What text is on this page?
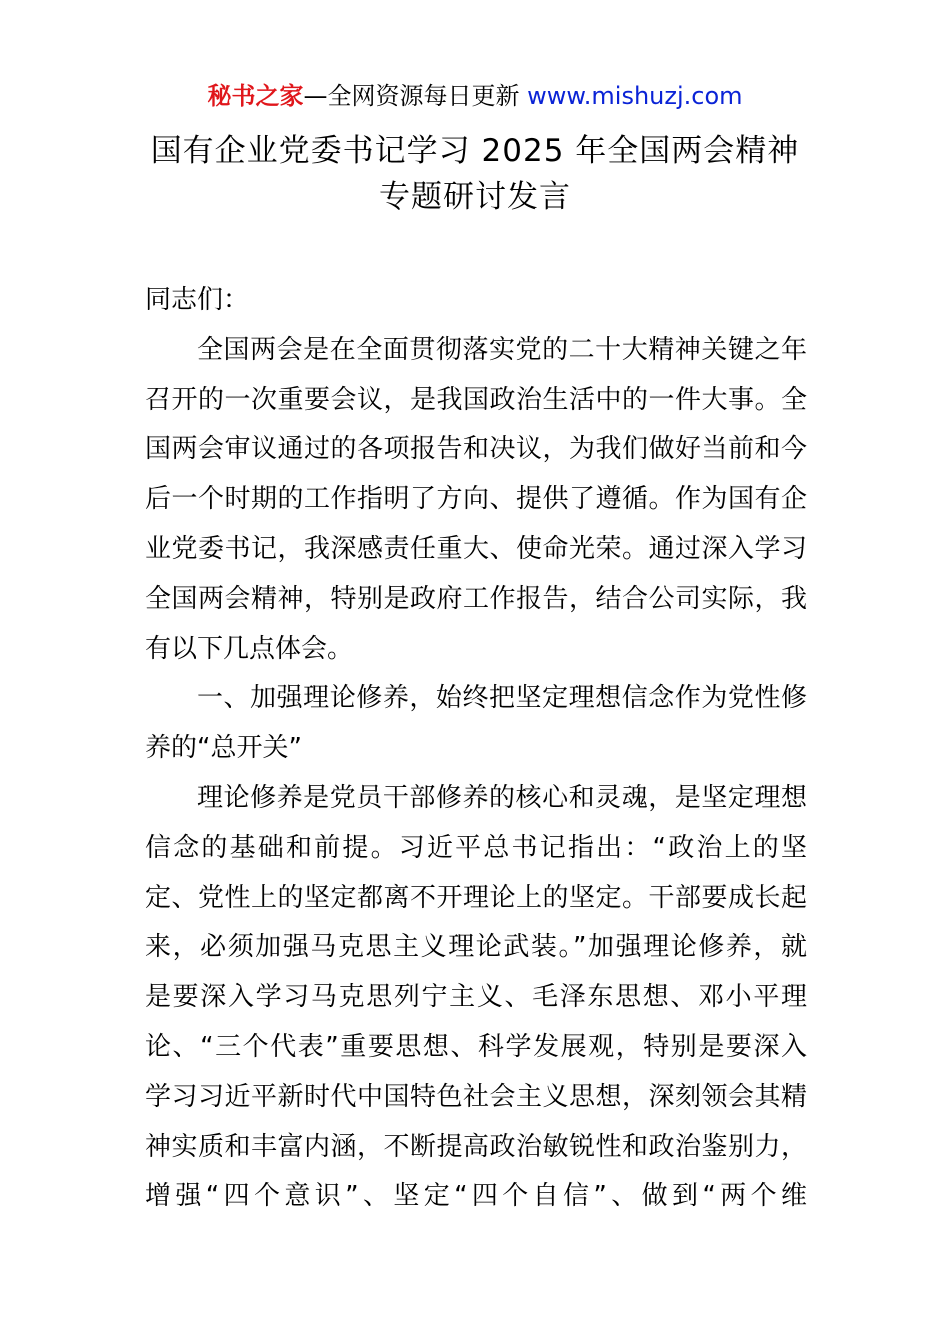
秘书之家—全网资源每日更新 www.mishuzj.com
国有企业党委书记学习 2025 年全国两会精神
专题研讨发言
同志们：
全国两会是在全面贯彻落实党的二十大精神关键之年
召开的一次重要会议，是我国政治生活中的一件大事。全
国两会审议通过的各项报告和决议，为我们做好当前和今
后一个时期的工作指明了方向、提供了遵循。作为国有企
业党委书记，我深感责任重大、使命光荣。通过深入学习
全国两会精神，特别是政府工作报告，结合公司实际，我
有以下几点体会。
一、加强理论修养，始终把坚定理想信念作为党性修
养的“总开关”
理论修养是党员干部修养的核心和灵魂，是坚定理想
信念的基础和前提。习近平总书记指出：“政治上的坚
定、党性上的坚定都离不开理论上的坚定。干部要成长起
来，必须加强马克思主义理论武装。”加强理论修养，就
是要深入学习马克思列宁主义、毛泽东思想、邓小平理
论、“三个代表”重要思想、科学发展观，特别是要深入
学习习近平新时代中国特色社会主义思想，深刻领会其精
神实质和丰富内涵，不断提高政治敏锐性和政治鉴别力，
增强“四个意识”、坚定“四个自信”、做到“两个维
